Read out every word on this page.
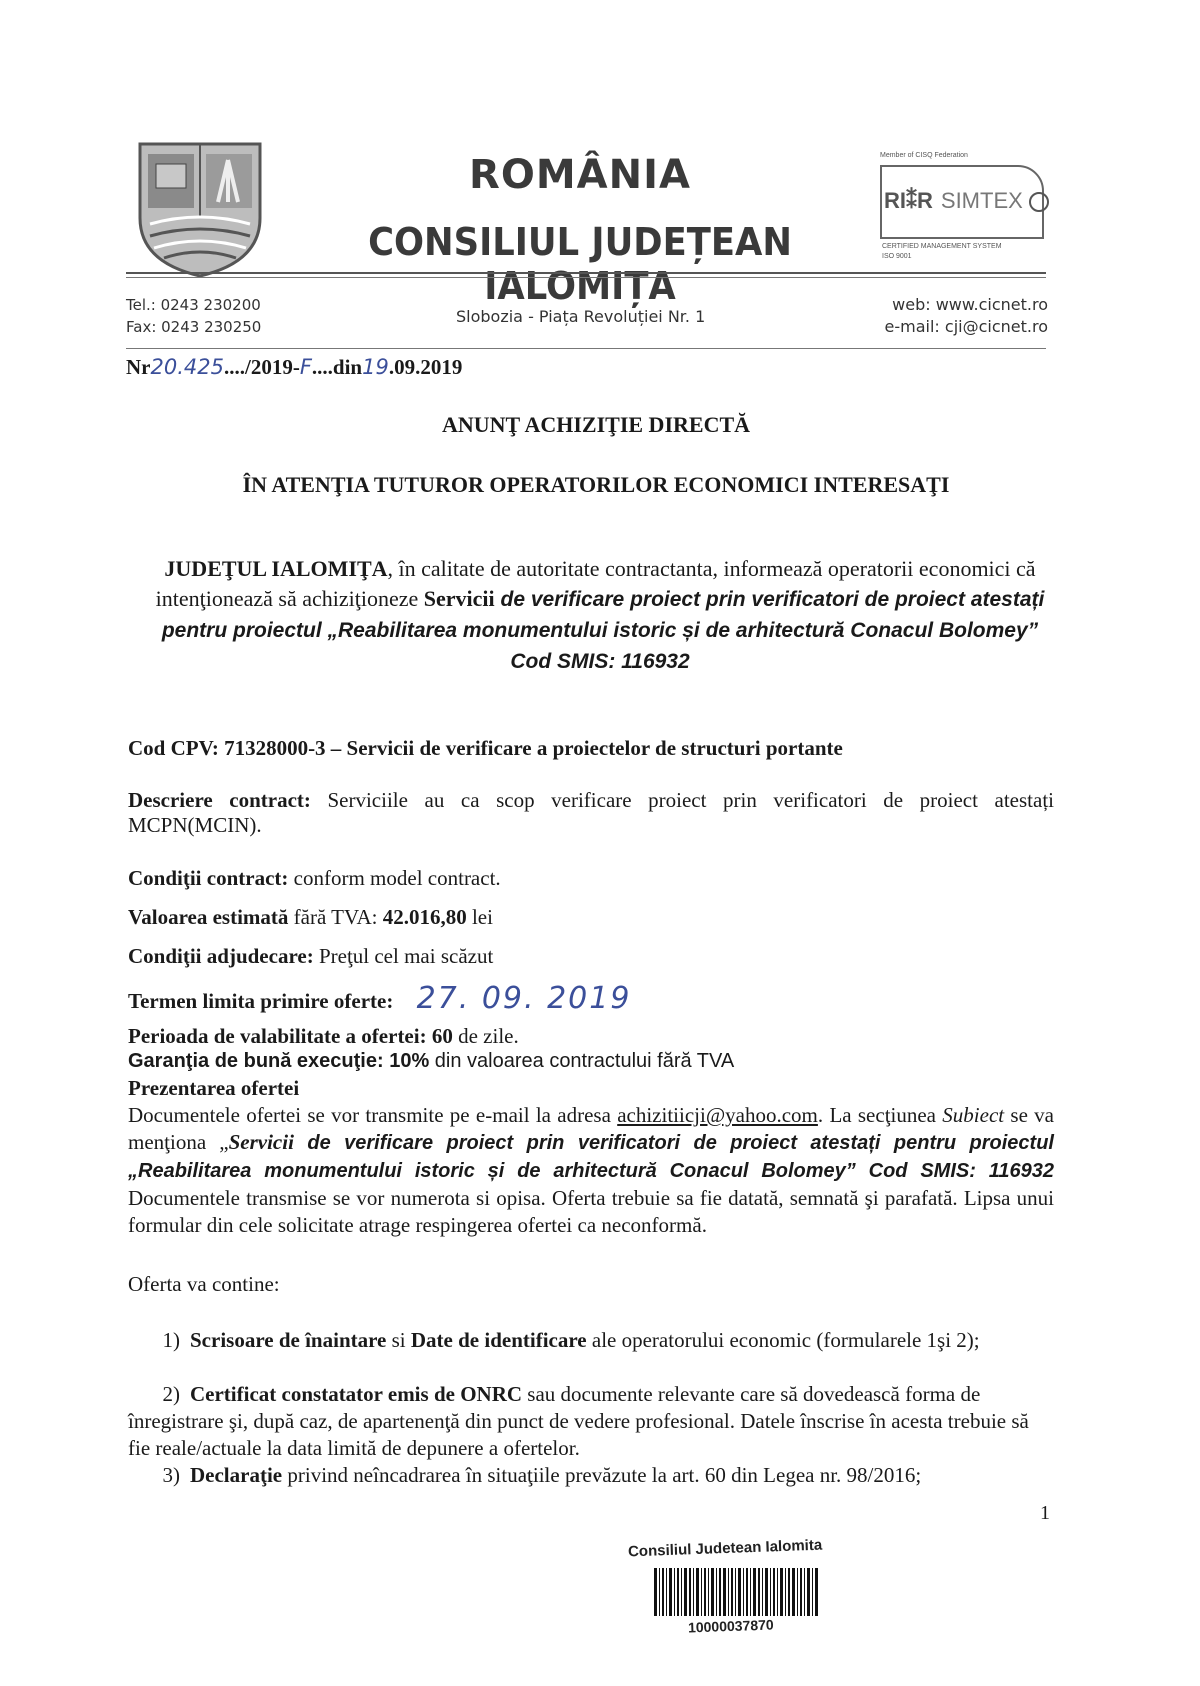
ROMÂNIA
CONSILIUL JUDEȚEAN IALOMIȚA
Member of CISQ Federation
RI⁑R SIMTEX
CERTIFIED MANAGEMENT SYSTEM
ISO 9001
Tel.: 0243 230200
Fax: 0243 230250
Slobozia - Piața Revoluției Nr. 1
web: www.cicnet.ro
e-mail: cji@cicnet.ro
Nr20.425..../2019-F....din19.09.2019
ANUNŢ ACHIZIŢIE DIRECTĂ
ÎN ATENŢIA TUTUROR OPERATORILOR ECONOMICI INTERESAŢI
JUDEŢUL IALOMIŢA, în calitate de autoritate contractanta, informează operatorii economici că intenţionează să achiziţioneze Servicii de verificare proiect prin verificatori de proiect atestați pentru proiectul „Reabilitarea monumentului istoric și de arhitectură Conacul Bolomey” Cod SMIS: 116932
Cod CPV: 71328000-3 – Servicii de verificare a proiectelor de structuri portante
Descriere contract: Serviciile au ca scop verificare proiect prin verificatori de proiect atestați MCPN(MCIN).
Condiţii contract: conform model contract.
Valoarea estimată fără TVA: 42.016,80 lei
Condiţii adjudecare: Preţul cel mai scăzut
Termen limita primire oferte: 27. 09. 2019
Perioada de valabilitate a ofertei: 60 de zile.
Garanţia de bună execuţie: 10% din valoarea contractului fără TVA
Prezentarea ofertei
Documentele ofertei se vor transmite pe e-mail la adresa achizitiicji@yahoo.com. La secţiunea Subiect se va menţiona „Servicii de verificare proiect prin verificatori de proiect atestați pentru proiectul „Reabilitarea monumentului istoric și de arhitectură Conacul Bolomey” Cod SMIS: 116932 Documentele transmise se vor numerota si opisa. Oferta trebuie sa fie datată, semnată şi parafată. Lipsa unui formular din cele solicitate atrage respingerea ofertei ca neconformă.
Oferta va contine:
1) Scrisoare de înaintare si Date de identificare ale operatorului economic (formularele 1şi 2);
2) Certificat constatator emis de ONRC sau documente relevante care să dovedească forma de înregistrare şi, după caz, de apartenenţă din punct de vedere profesional. Datele înscrise în acesta trebuie să fie reale/actuale la data limită de depunere a ofertelor.
3) Declaraţie privind neîncadrarea în situaţiile prevăzute la art. 60 din Legea nr. 98/2016;
1
Consiliul Judetean Ialomita
10000037870
